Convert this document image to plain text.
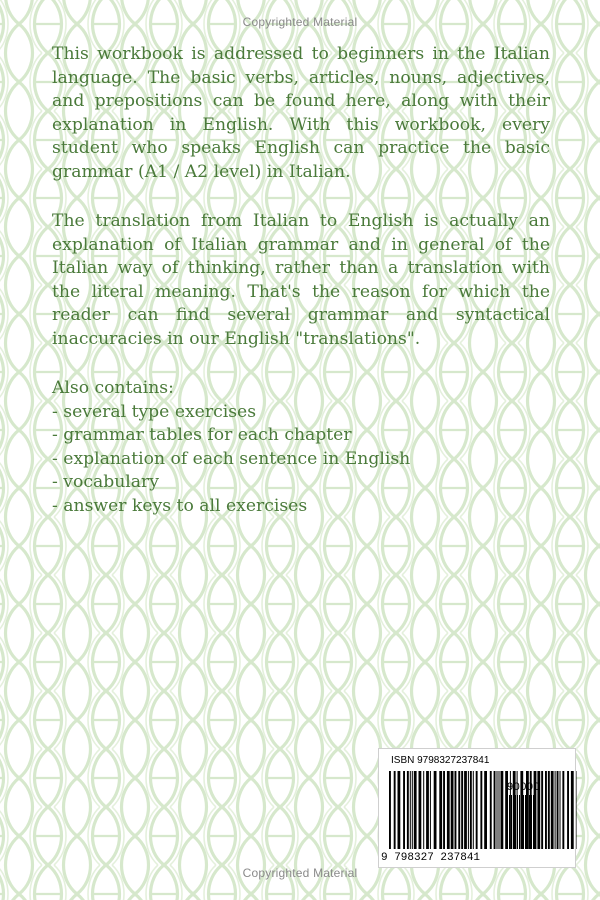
Copyrighted Material
This workbook is addressed to beginners in the Italian language. The basic verbs, articles, nouns, adjectives, and prepositions can be found here, along with their explanation in English. With this workbook, every student who speaks English can practice the basic grammar (A1 / A2 level) in Italian.
The translation from Italian to English is actually an explanation of Italian grammar and in general of the Italian way of thinking, rather than a translation with the literal meaning. That's the reason for which the reader can find several grammar and syntactical inaccuracies in our English "translations".
Also contains:
- several type exercises
- grammar tables for each chapter
- explanation of each sentence in English
- vocabulary
- answer keys to all exercises
ISBN 9798327237841
90000
9 798327 237841
Copyrighted Material
